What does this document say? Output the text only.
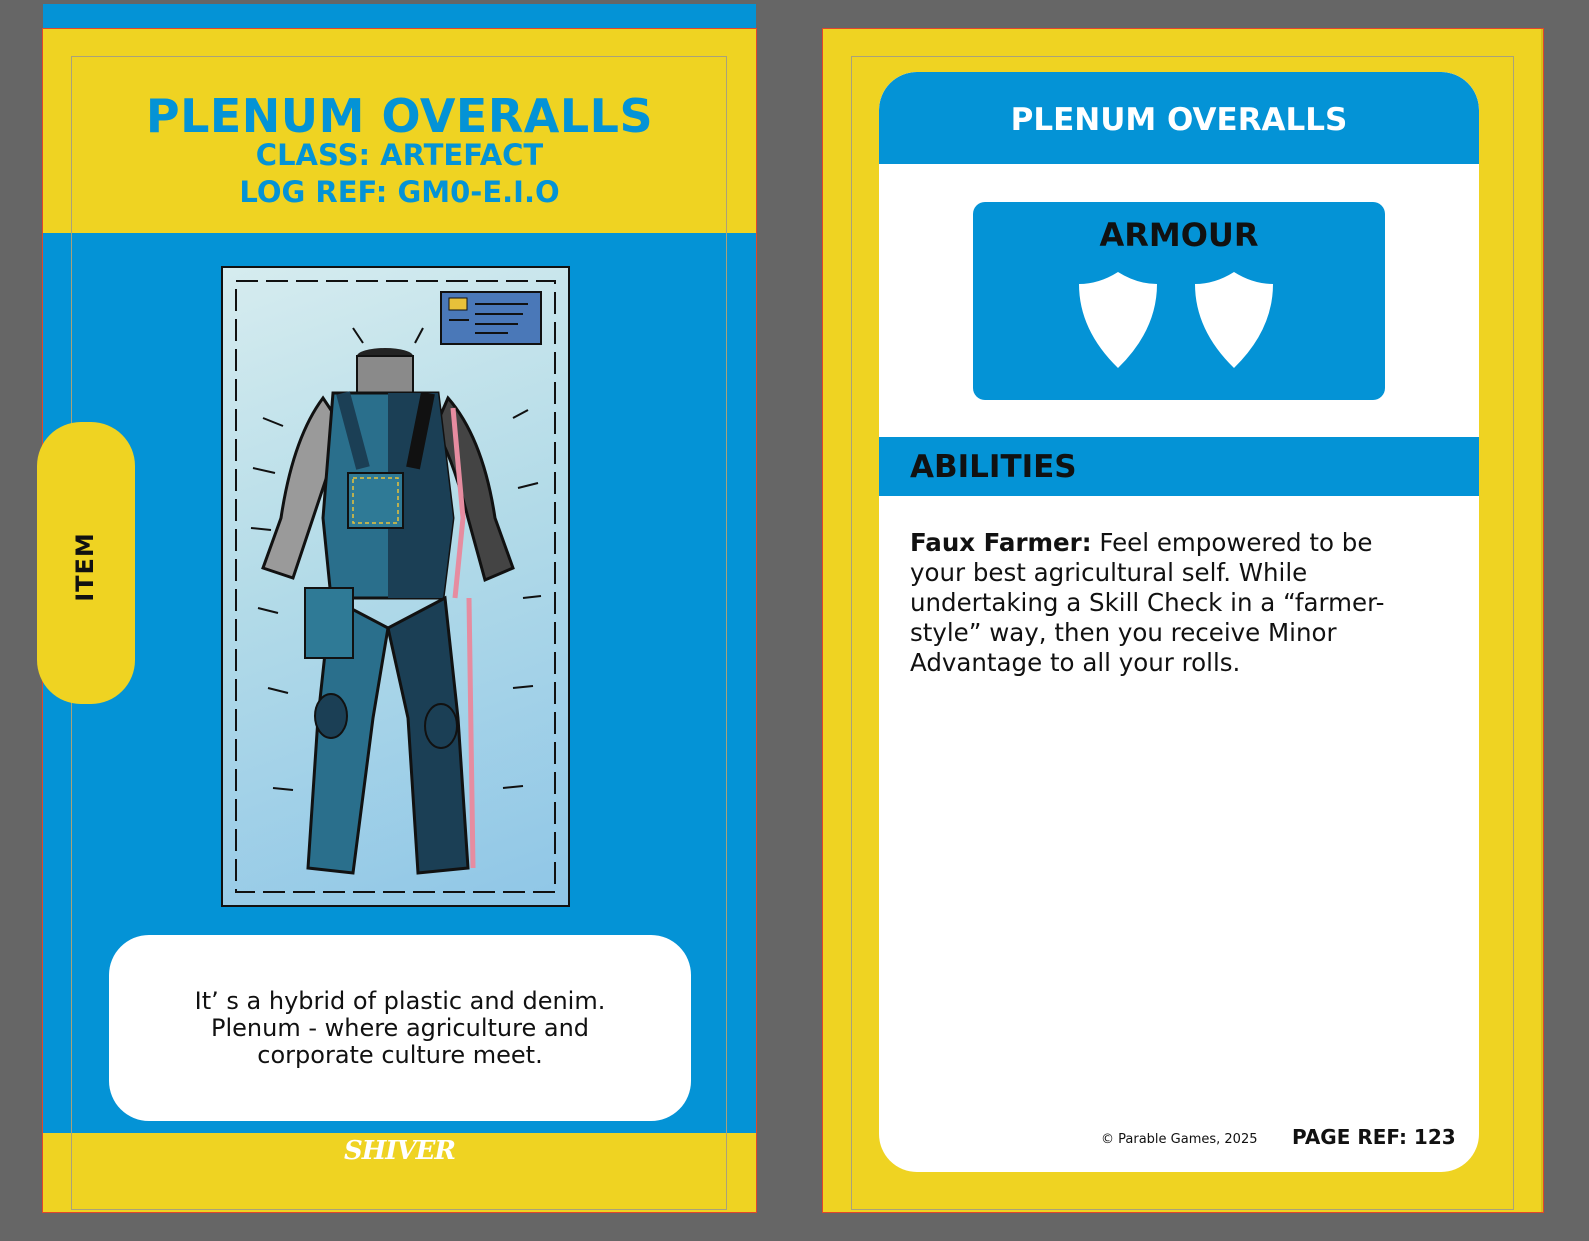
PLENUM OVERALLS
CLASS: ARTEFACT
LOG REF: GM0-E.I.O
It’ s a hybrid of plastic and denim. Plenum - where agriculture and corporate culture meet.
SHIVER
ITEM
PLENUM OVERALLS
ARMOUR
ABILITIES
Faux Farmer: Feel empowered to be your best agricultural self. While undertaking a Skill Check in a “farmer-style” way, then you receive Minor Advantage to all your rolls.
© Parable Games, 2025 PAGE REF: 123
